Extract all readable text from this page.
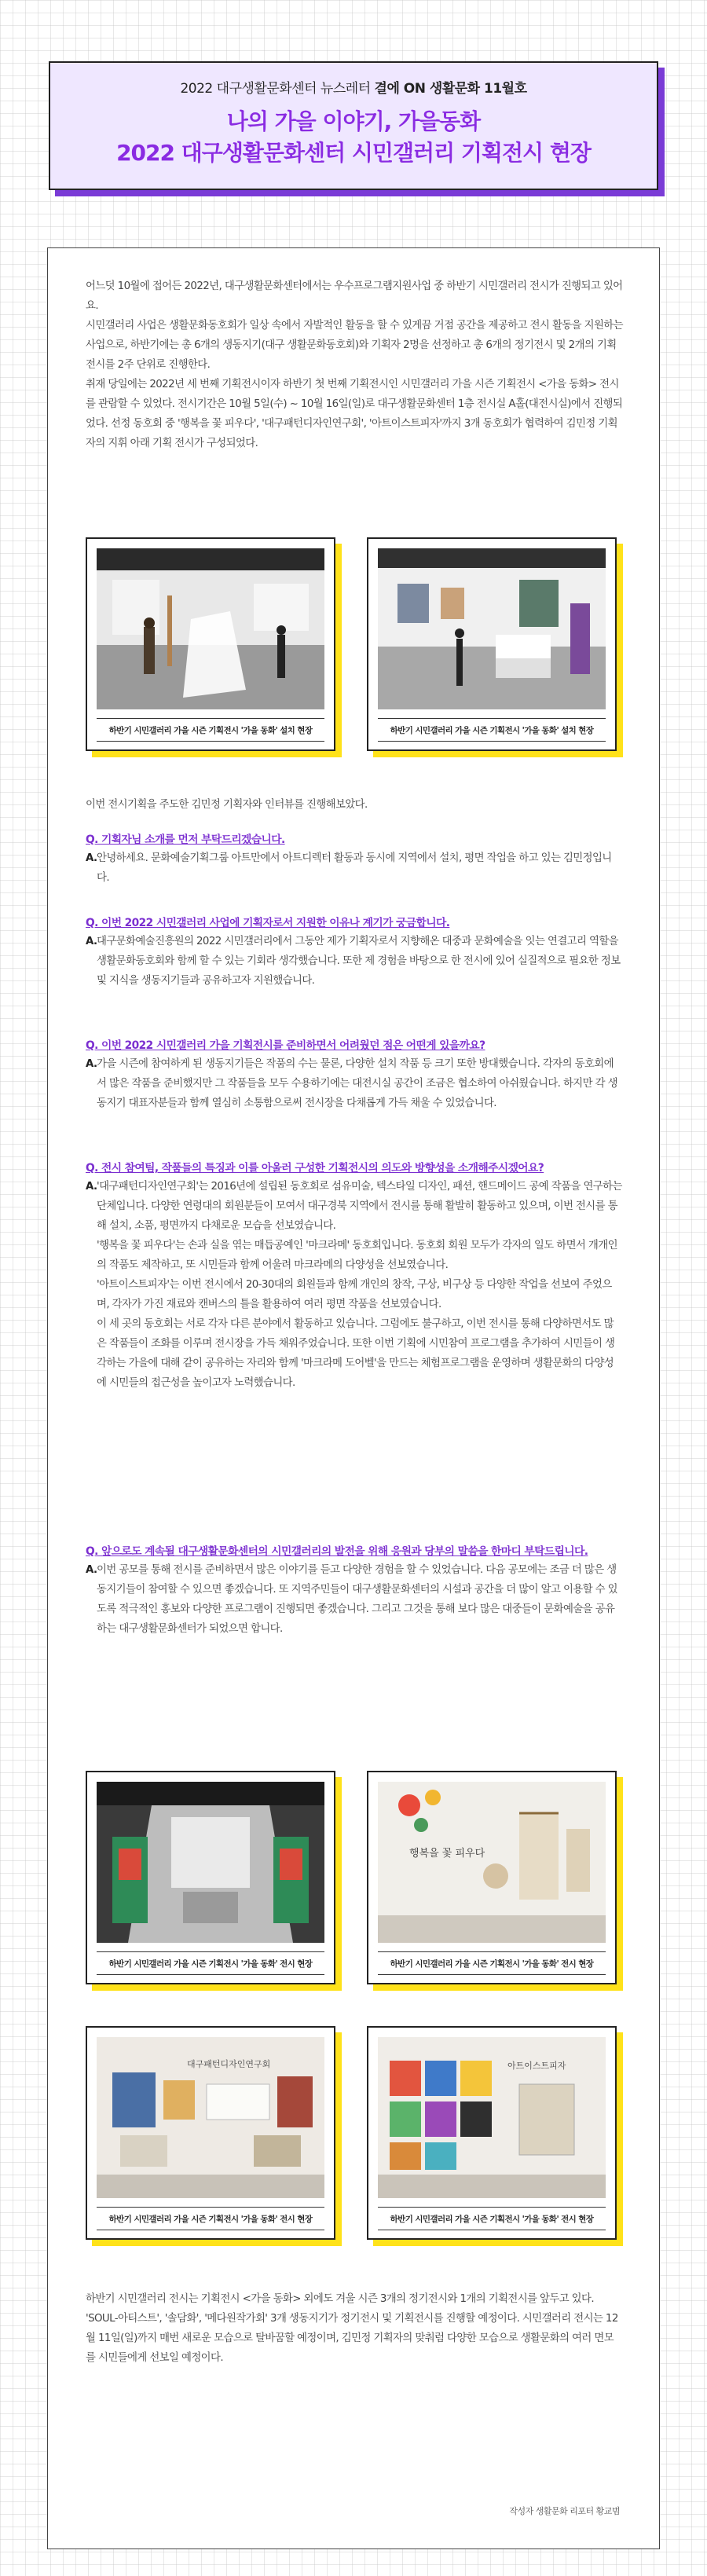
2022 대구생활문화센터 뉴스레터 결에 ON 생활문화 11월호
나의 가을 이야기, 가을동화
2022 대구생활문화센터 시민갤러리 기획전시 현장

어느덧 10월에 접어든 2022년, 대구생활문화센터에서는 우수프로그램지원사업 중 하반기 시민갤러리 전시가 진행되고 있어요.

시민갤러리 사업은 생활문화동호회가 일상 속에서 자발적인 활동을 할 수 있게끔 거점 공간을 제공하고 전시 활동을 지원하는 사업으로, 하반기에는 총 6개의 생동지기(대구 생활문화동호회)와 기획자 2명을 선정하고 총 6개의 정기전시 및 2개의 기획전시를 2주 단위로 진행한다.

취재 당일에는 2022년 세 번째 기획전시이자 하반기 첫 번째 기획전시인 시민갤러리 가을 시즌 기획전시 <가을 동화> 전시를 관람할 수 있었다. 전시기간은 10월 5일(수) ~ 10월 16일(일)로 대구생활문화센터 1층 전시실 A홀(대전시실)에서 진행되었다. 선정 동호회 중 '행복을 꽃 피우다', '대구패턴디자인연구회', '아트이스트피자'까지 3개 동호회가 협력하여 김민정 기획자의 지휘 아래 기획 전시가 구성되었다.

하반기 시민갤러리 가을 시즌 기획전시 '가을 동화' 설치 현장	하반기 시민갤러리 가을 시즌 기획전시 '가을 동화' 설치 현장

이번 전시기획을 주도한 김민정 기획자와 인터뷰를 진행해보았다.

Q. 기획자님 소개를 먼저 부탁드리겠습니다.

A. 안녕하세요. 문화예술기획그룹 아트만에서 아트디렉터 활동과 동시에 지역에서 설치, 평면 작업을 하고 있는 김민정입니다.

Q. 이번 2022 시민갤러리 사업에 기획자로서 지원한 이유나 계기가 궁금합니다.

A. 대구문화예술진흥원의 2022 시민갤러리에서 그동안 제가 기획자로서 지향해온 대중과 문화예술을 잇는 연결고리 역할을 생활문화동호회와 함께 할 수 있는 기회라 생각했습니다. 또한 제 경험을 바탕으로 한 전시에 있어 실질적으로 필요한 정보 및 지식을 생동지기들과 공유하고자 지원했습니다.

Q. 이번 2022 시민갤러리 가을 기획전시를 준비하면서 어려웠던 점은 어떤게 있을까요?

A. 가을 시즌에 참여하게 된 생동지기들은 작품의 수는 물론, 다양한 설치 작품 등 크기 또한 방대했습니다. 각자의 동호회에서 많은 작품을 준비했지만 그 작품들을 모두 수용하기에는 대전시실 공간이 조금은 협소하여 아쉬웠습니다. 하지만 각 생동지기 대표자분들과 함께 열심히 소통함으로써 전시장을 다채롭게 가득 채울 수 있었습니다.

Q. 전시 참여팀, 작품들의 특징과 이를 아울러 구성한 기획전시의 의도와 방향성을 소개해주시겠어요?

A. '대구패턴디자인연구회'는 2016년에 설립된 동호회로 섬유미술, 텍스타일 디자인, 패션, 핸드메이드 공예 작품을 연구하는 단체입니다. 다양한 연령대의 회원분들이 모여서 대구경북 지역에서 전시를 통해 활발히 활동하고 있으며, 이번 전시를 통해 설치, 소품, 평면까지 다채로운 모습을 선보였습니다.
'행복을 꽃 피우다'는 손과 실을 엮는 매듭공예인 '마크라메' 동호회입니다. 동호회 회원 모두가 각자의 일도 하면서 개개인의 작품도 제작하고, 또 시민들과 함께 어울려 마크라메의 다양성을 선보였습니다.
'아트이스트피자'는 이번 전시에서 20-30대의 회원들과 함께 개인의 창작, 구상, 비구상 등 다양한 작업을 선보여 주었으며, 각자가 가진 재료와 캔버스의 틀을 활용하여 여러 평면 작품을 선보였습니다.
이 세 곳의 동호회는 서로 각자 다른 분야에서 활동하고 있습니다. 그럼에도 불구하고, 이번 전시를 통해 다양하면서도 많은 작품들이 조화를 이루며 전시장을 가득 채워주었습니다. 또한 이번 기획에 시민참여 프로그램을 추가하여 시민들이 생각하는 가을에 대해 같이 공유하는 자리와 함께 '마크라메 도어벨'을 만드는 체험프로그램을 운영하며 생활문화의 다양성에 시민들의 접근성을 높이고자 노력했습니다.

Q. 앞으로도 계속될 대구생활문화센터의 시민갤러리의 발전을 위해 응원과 당부의 말씀을 한마디 부탁드립니다.

A. 이번 공모를 통해 전시를 준비하면서 많은 이야기를 듣고 다양한 경험을 할 수 있었습니다. 다음 공모에는 조금 더 많은 생동지기들이 참여할 수 있으면 좋겠습니다. 또 지역주민들이 대구생활문화센터의 시설과 공간을 더 많이 알고 이용할 수 있도록 적극적인 홍보와 다양한 프로그램이 진행되면 좋겠습니다. 그리고 그것을 통해 보다 많은 대중들이 문화예술을 공유하는 대구생활문화센터가 되었으면 합니다.
하반기 시민갤러리 가을 시즌 기획전시 '가을 동화' 전시 현장
행복을 꽃 피우다
하반기 시민갤러리 가을 시즌 기획전시 '가을 동화' 전시 현장
대구패턴디자인연구회
하반기 시민갤러리 가을 시즌 기획전시 '가을 동화' 전시 현장
아트이스트피자
하반기 시민갤러리 가을 시즌 기획전시 '가을 동화' 전시 현장

하반기 시민갤러리 전시는 기획전시 <가을 동화> 외에도 겨울 시즌 3개의 정기전시와 1개의 기획전시를 앞두고 있다. 'SOUL-아티스트', '솔담화', '메다원작가회' 3개 생동지기가 정기전시 및 기획전시를 진행할 예정이다. 시민갤러리 전시는 12월 11일(일)까지 매번 새로운 모습으로 탈바꿈할 예정이며, 김민정 기획자의 맞춰럼 다양한 모습으로 생활문화의 여러 면모를 시민들에게 선보일 예정이다.

작성자 생활문화 리포터 황교범
